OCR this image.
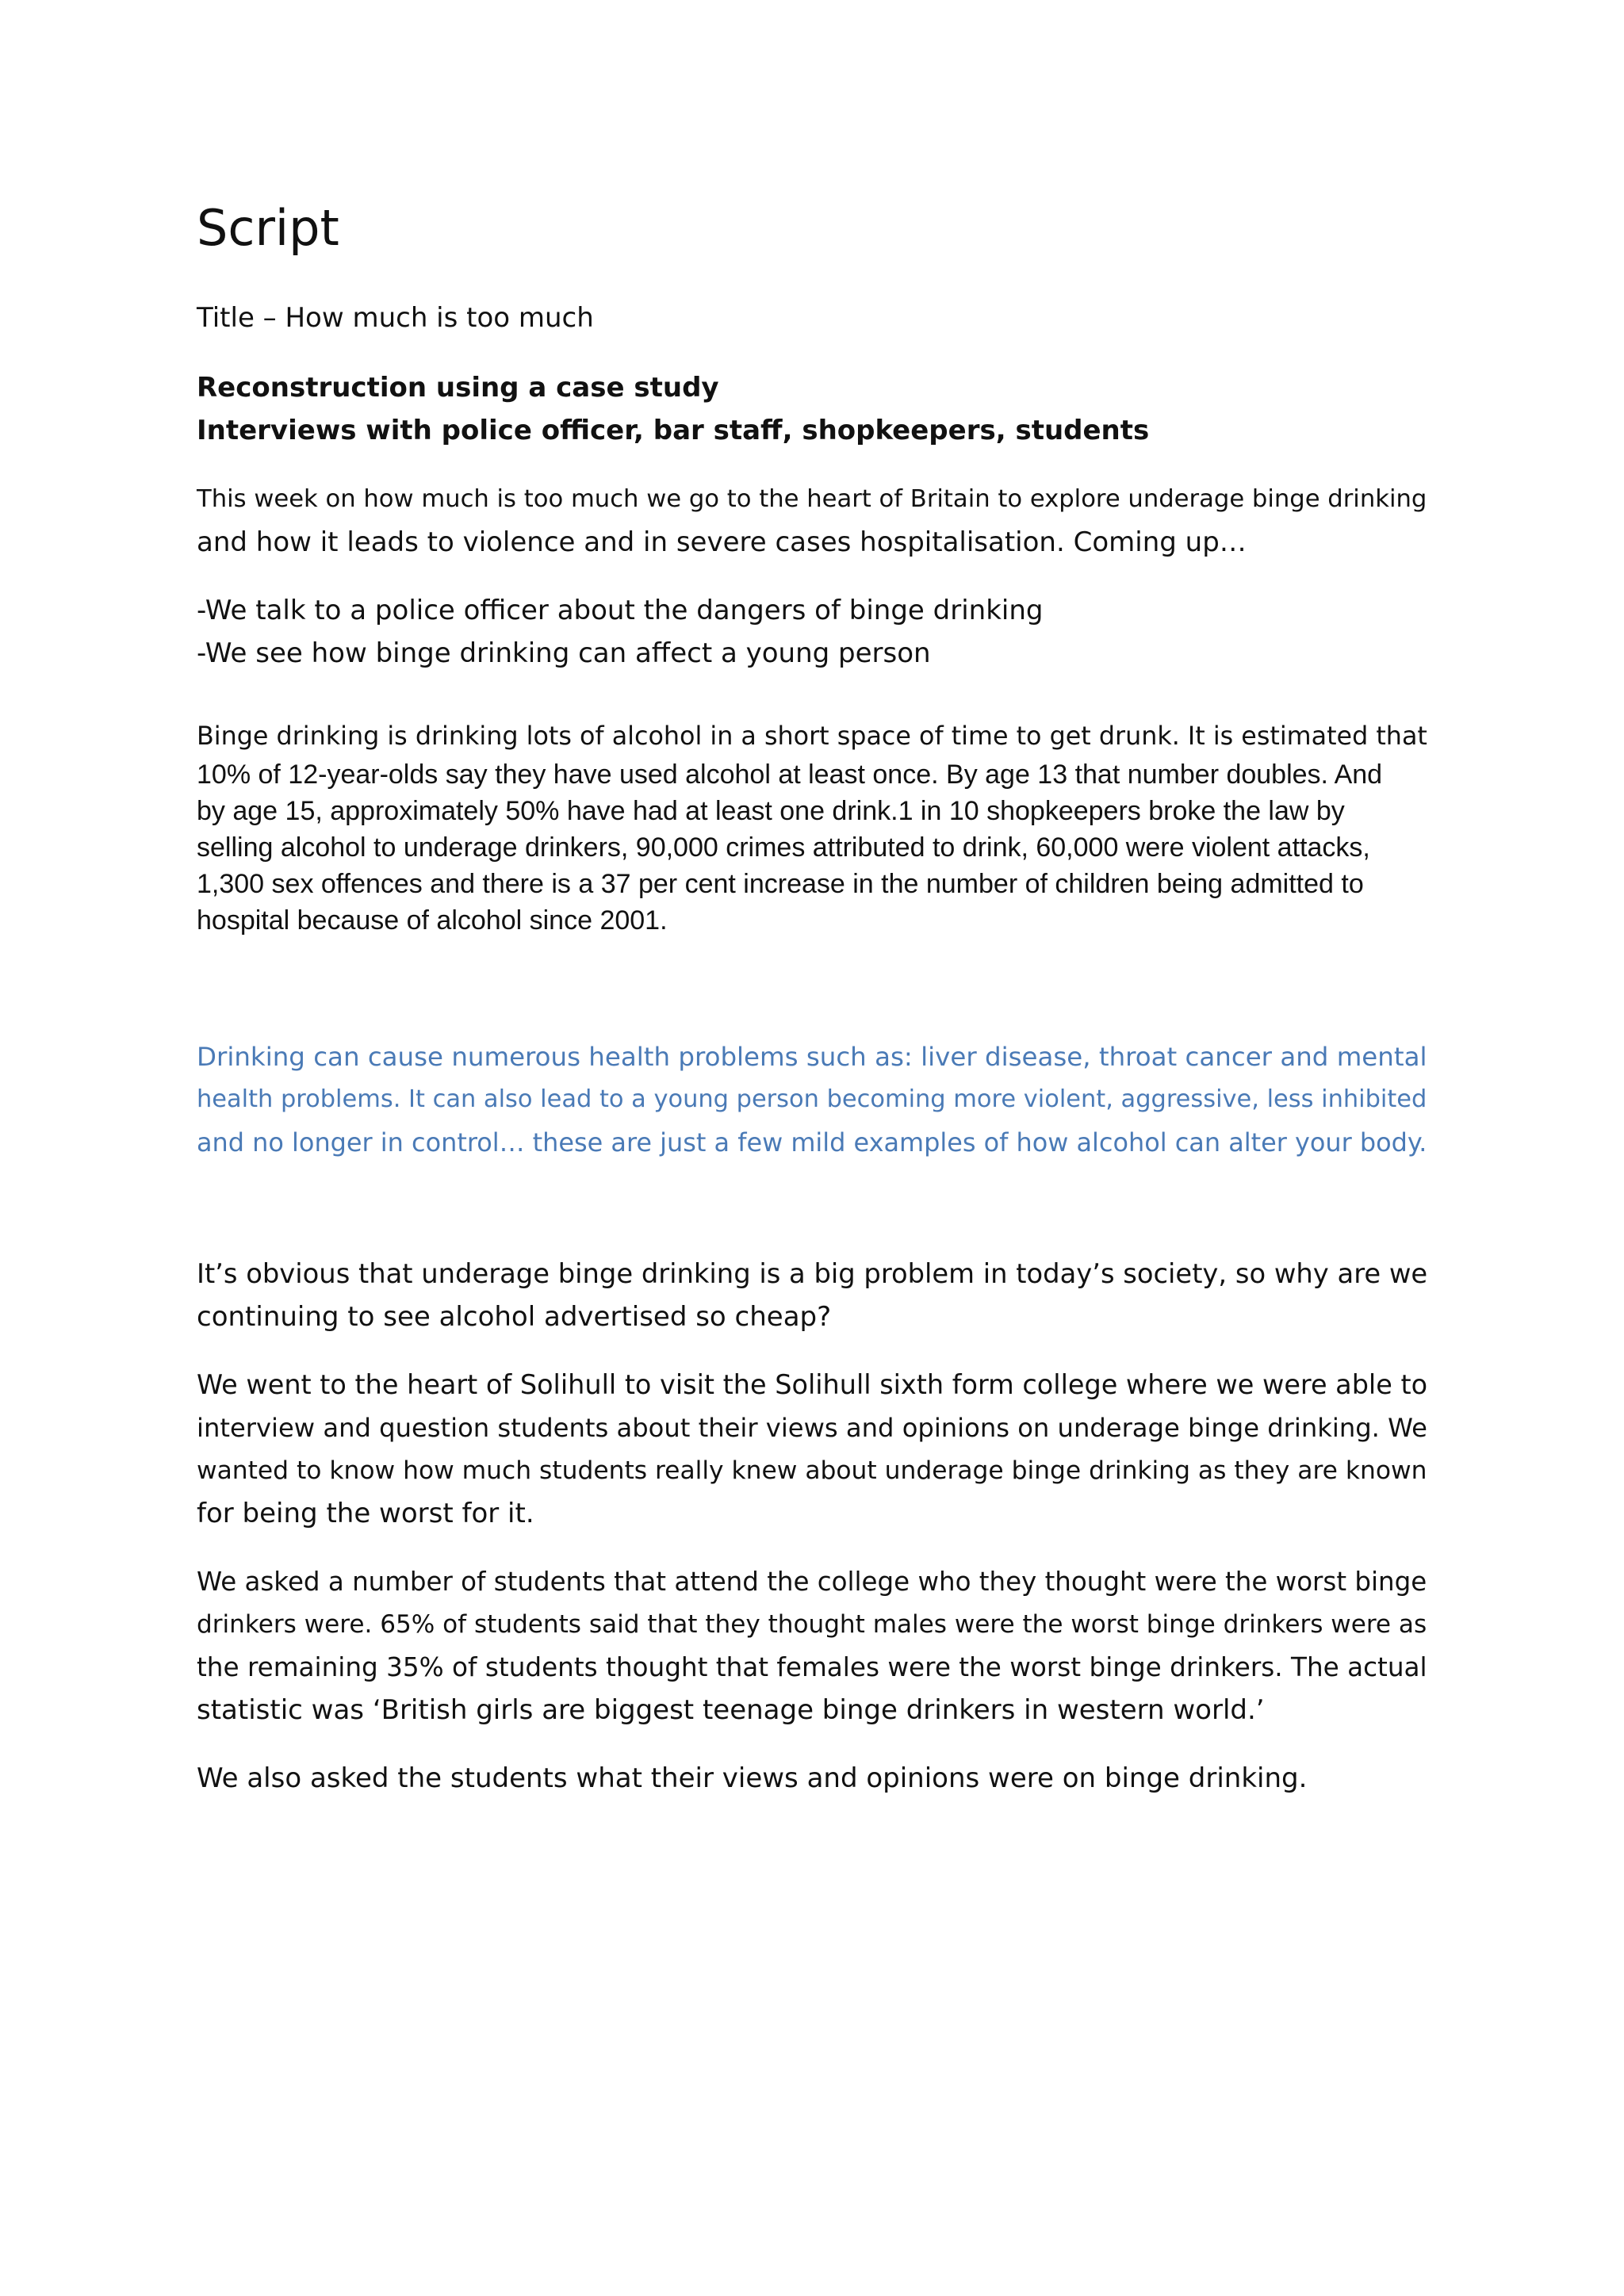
Script

Title – How much is too much

Reconstruction using a case study
Interviews with police officer, bar staff, shopkeepers, students
This week on how much is too much we go to the heart of Britain to explore underage binge drinking
and how it leads to violence and in severe cases hospitalisation. Coming up…
-We talk to a police officer about the dangers of binge drinking
-We see how binge drinking can affect a young person
Binge drinking is drinking lots of alcohol in a short space of time to get drunk. It is estimated that
10% of 12-year-olds say they have used alcohol at least once. By age 13 that number doubles. And
by age 15, approximately 50% have had at least one drink.1 in 10 shopkeepers broke the law by
selling alcohol to underage drinkers, 90,000 crimes attributed to drink, 60,000 were violent attacks,
1,300 sex offences and there is a 37 per cent increase in the number of children being admitted to
hospital because of alcohol since 2001.
Drinking can cause numerous health problems such as: liver disease, throat cancer and mental
health problems. It can also lead to a young person becoming more violent, aggressive, less inhibited
and no longer in control… these are just a few mild examples of how alcohol can alter your body.
It’s obvious that underage binge drinking is a big problem in today’s society, so why are we
continuing to see alcohol advertised so cheap?
We went to the heart of Solihull to visit the Solihull sixth form college where we were able to
interview and question students about their views and opinions on underage binge drinking. We
wanted to know how much students really knew about underage binge drinking as they are known
for being the worst for it.
We asked a number of students that attend the college who they thought were the worst binge
drinkers were. 65% of students said that they thought males were the worst binge drinkers were as
the remaining 35% of students thought that females were the worst binge drinkers. The actual
statistic was ‘British girls are biggest teenage binge drinkers in western world.’

We also asked the students what their views and opinions were on binge drinking.
